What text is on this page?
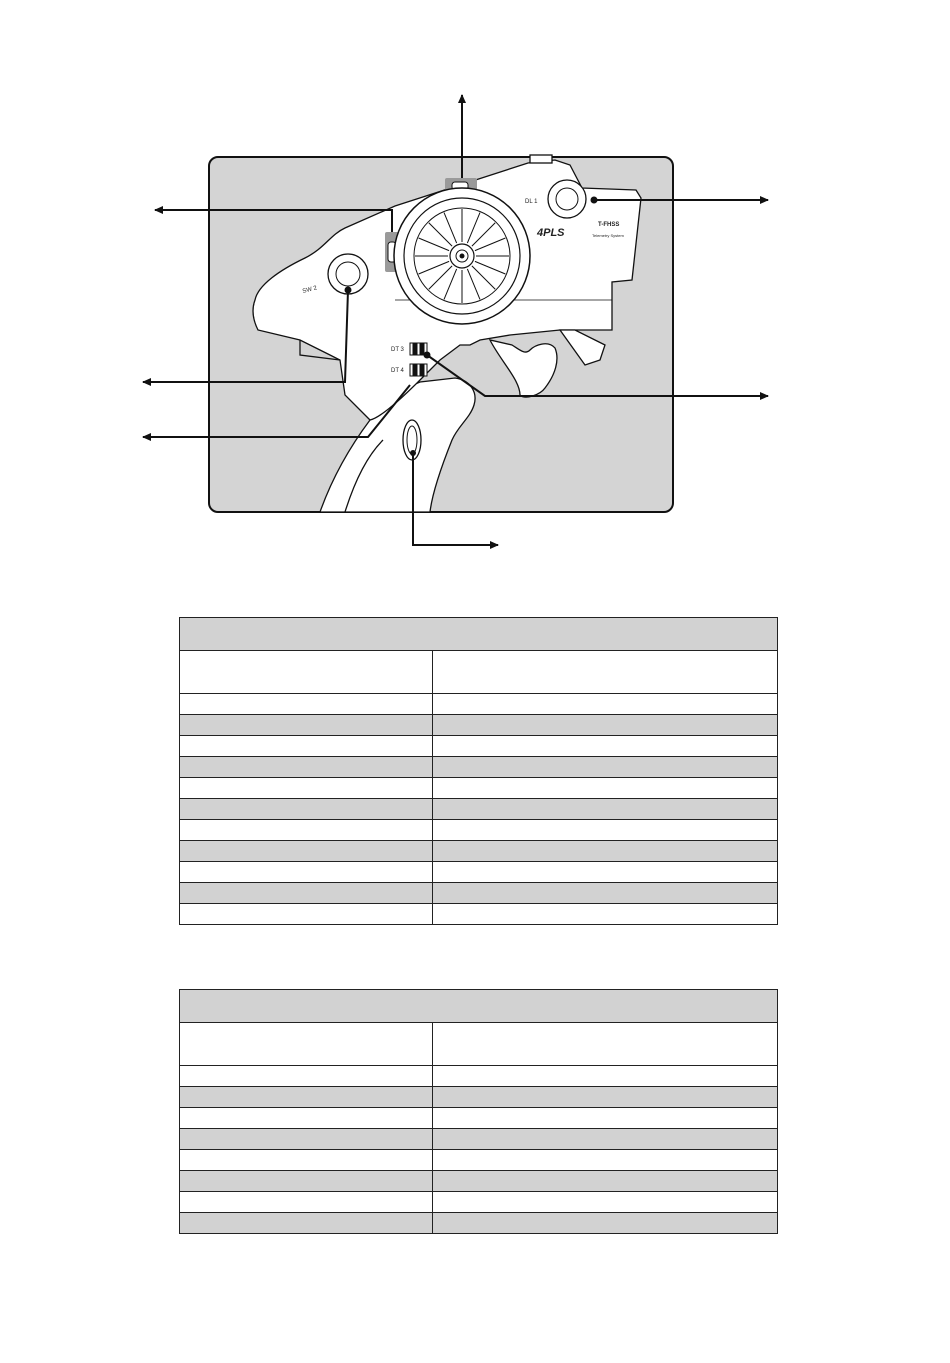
DL 1
4PLS
T-FHSS
Telemetry System
SW 2
DT 3
DT 4
